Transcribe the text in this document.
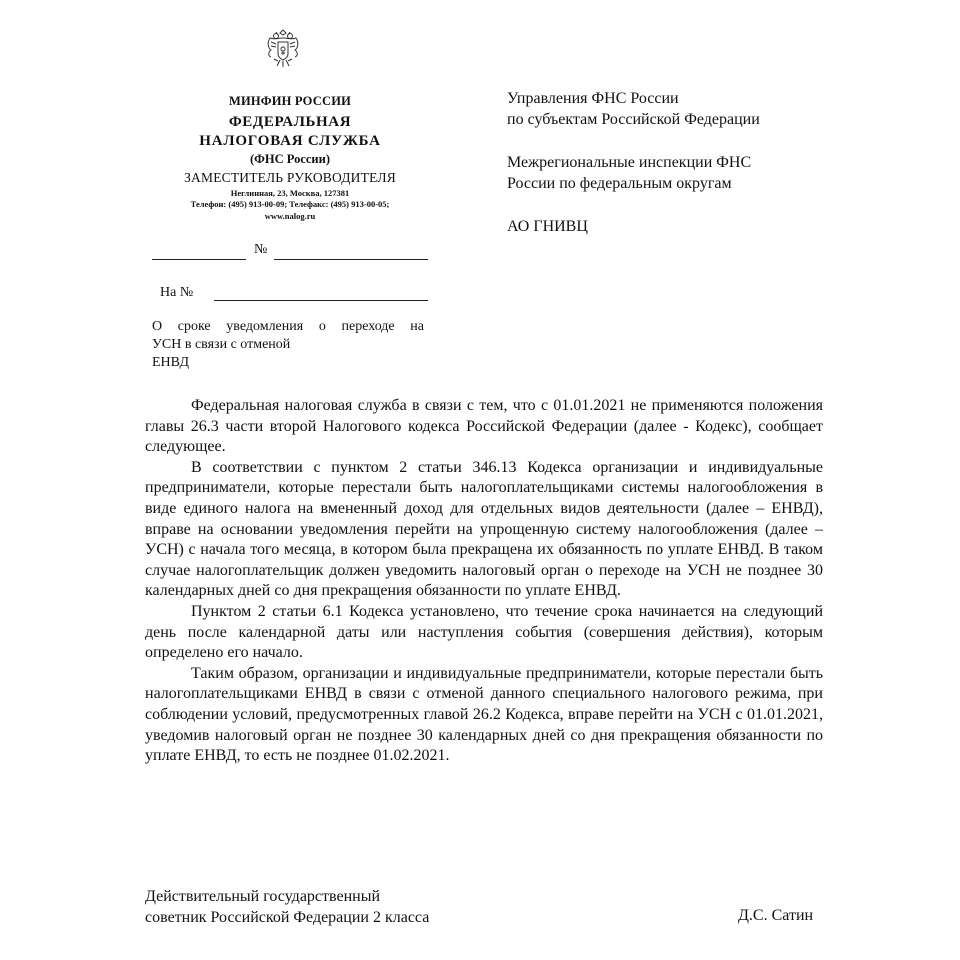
МИНФИН РОССИИ
ФЕДЕРАЛЬНАЯ
НАЛОГОВАЯ СЛУЖБА
(ФНС России)
ЗАМЕСТИТЕЛЬ РУКОВОДИТЕЛЯ
Неглинная, 23, Москва, 127381
Телефон: (495) 913-00-09; Телефакс: (495) 913-00-05;
www.nalog.ru
№
На №
О сроке уведомления о переходе на
УСН в связи с отменой
ЕНВД
Управления ФНС России
по субъектам Российской Федерации
Межрегиональные инспекции ФНС
России по федеральным округам
АО ГНИВЦ

Федеральная налоговая служба в связи с тем, что с 01.01.2021 не применяются положения главы 26.3 части второй Налогового кодекса Российской Федерации (далее - Кодекс), сообщает следующее.

В соответствии с пунктом 2 статьи 346.13 Кодекса организации и индивидуальные предприниматели, которые перестали быть налогоплательщиками системы налогообложения в виде единого налога на вмененный доход для отдельных видов деятельности (далее – ЕНВД), вправе на основании уведомления перейти на упрощенную систему налогообложения (далее – УСН) с начала того месяца, в котором была прекращена их обязанность по уплате ЕНВД. В таком случае налогоплательщик должен уведомить налоговый орган о переходе на УСН не позднее 30 календарных дней со дня прекращения обязанности по уплате ЕНВД.

Пунктом 2 статьи 6.1 Кодекса установлено, что течение срока начинается на следующий день после календарной даты или наступления события (совершения действия), которым определено его начало.

Таким образом, организации и индивидуальные предприниматели, которые перестали быть налогоплательщиками ЕНВД в связи с отменой данного специального налогового режима, при соблюдении условий, предусмотренных главой 26.2 Кодекса, вправе перейти на УСН с 01.01.2021, уведомив налоговый орган не позднее 30 календарных дней со дня прекращения обязанности по уплате ЕНВД, то есть не позднее 01.02.2021.

Действительный государственный
советник Российской Федерации 2 класса	Д.С. Сатин
